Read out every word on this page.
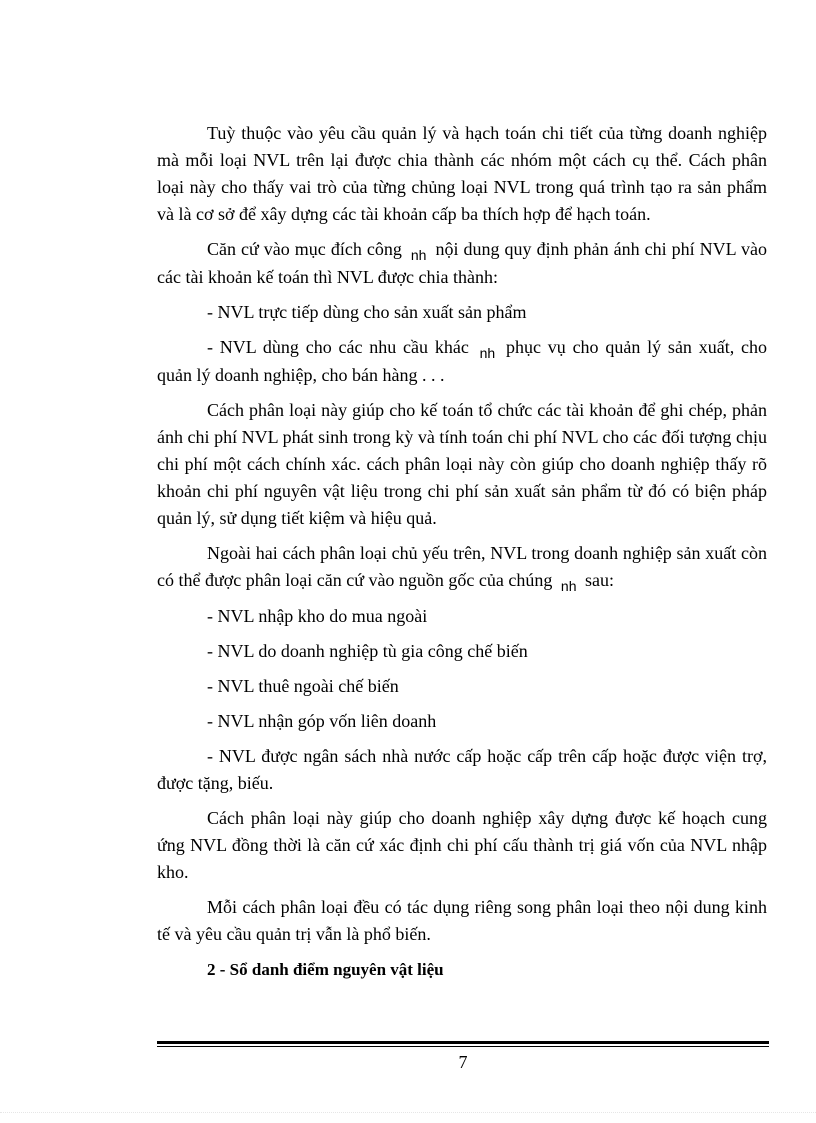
Tuỳ thuộc vào yêu cầu quản lý và hạch toán chi tiết của từng doanh nghiệp mà mỗi loại NVL trên lại được chia thành các nhóm một cách cụ thể. Cách phân loại này cho thấy vai trò của từng chủng loại NVL trong quá trình tạo ra sản phẩm và là cơ sở để xây dựng các tài khoản cấp ba thích hợp để hạch toán.

Căn cứ vào mục đích công $_{nh}$ nội dung quy định phản ánh chi phí NVL vào các tài khoản kế toán thì NVL được chia thành:

- NVL trực tiếp dùng cho sản xuất sản phẩm

- NVL dùng cho các nhu cầu khác $_{nh}$ phục vụ cho quản lý sản xuất, cho quản lý doanh nghiệp, cho bán hàng . . .

Cách phân loại này giúp cho kế toán tổ chức các tài khoản để ghi chép, phản ánh chi phí NVL phát sinh trong kỳ và tính toán chi phí NVL cho các đối tượng chịu chi phí một cách chính xác. cách phân loại này còn giúp cho doanh nghiệp thấy rõ khoản chi phí nguyên vật liệu trong chi phí sản xuất sản phẩm từ đó có biện pháp quản lý, sử dụng tiết kiệm và hiệu quả.

Ngoài hai cách phân loại chủ yếu trên, NVL trong doanh nghiệp sản xuất còn có thể được phân loại căn cứ vào nguồn gốc của chúng $_{nh}$ sau:

- NVL nhập kho do mua ngoài

- NVL do doanh nghiệp tù gia công chế biến

- NVL thuê ngoài chế biến

- NVL nhận góp vốn liên doanh

- NVL được ngân sách nhà nước cấp hoặc cấp trên cấp hoặc được viện trợ, được tặng, biếu.

Cách phân loại này giúp cho doanh nghiệp xây dựng được kế hoạch cung ứng NVL đồng thời là căn cứ xác định chi phí cấu thành trị giá vốn của NVL nhập kho.

Mỗi cách phân loại đều có tác dụng riêng song phân loại theo nội dung kinh tế và yêu cầu quản trị vẫn là phổ biến.

2 - Sổ danh điểm nguyên vật liệu

7
